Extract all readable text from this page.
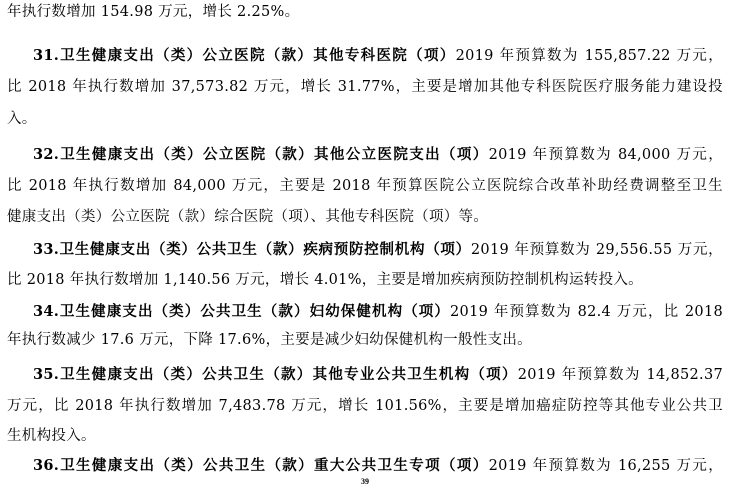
年执行数增加 154.98 万元，增长 2.25%。
31.卫生健康支出（类）公立医院（款）其他专科医院（项）2019 年预算数为 155,857.22 万元，
比 2018 年执行数增加 37,573.82 万元，增长 31.77%，主要是增加其他专科医院医疗服务能力建设投
入。
32.卫生健康支出（类）公立医院（款）其他公立医院支出（项）2019 年预算数为 84,000 万元，
比 2018 年执行数增加 84,000 万元，主要是 2018 年预算医院公立医院综合改革补助经费调整至卫生
健康支出（类）公立医院（款）综合医院（项）、其他专科医院（项）等。
33.卫生健康支出（类）公共卫生（款）疾病预防控制机构（项）2019 年预算数为 29,556.55 万元，
比 2018 年执行数增加 1,140.56 万元，增长 4.01%，主要是增加疾病预防控制机构运转投入。
34.卫生健康支出（类）公共卫生（款）妇幼保健机构（项）2019 年预算数为 82.4 万元，比 2018
年执行数减少 17.6 万元，下降 17.6%，主要是减少妇幼保健机构一般性支出。
35.卫生健康支出（类）公共卫生（款）其他专业公共卫生机构（项）2019 年预算数为 14,852.37
万元，比 2018 年执行数增加 7,483.78 万元，增长 101.56%，主要是增加癌症防控等其他专业公共卫
生机构投入。
36.卫生健康支出（类）公共卫生（款）重大公共卫生专项（项）2019 年预算数为 16,255 万元，
39
